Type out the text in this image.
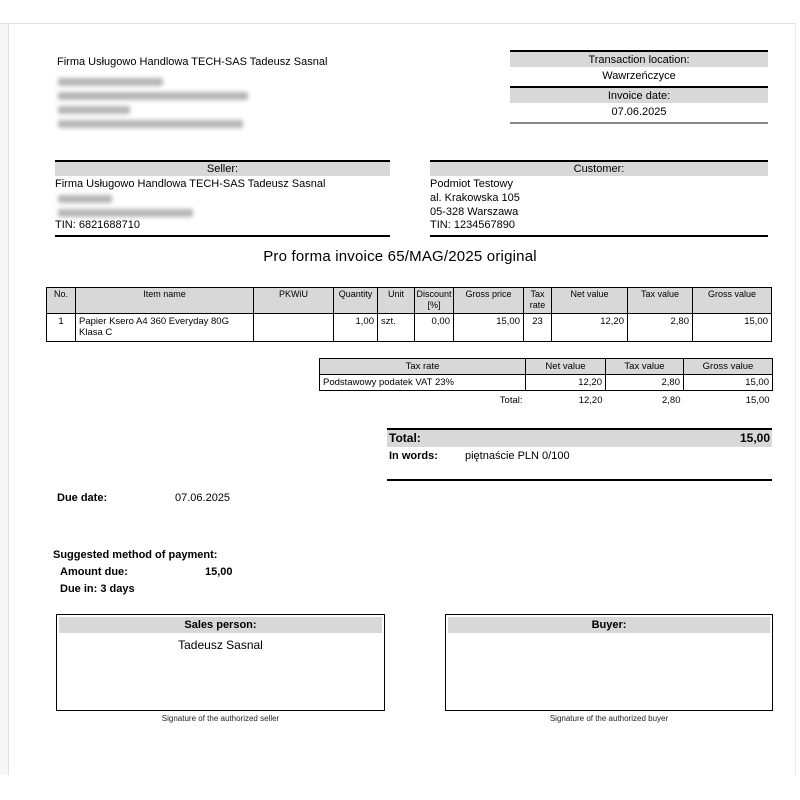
Firma Usługowo Handlowa TECH-SAS Tadeusz Sasnal	Transaction location:
Wawrzeńczyce
Invoice date:
07.06.2025
Seller:
Firma Usługowo Handlowa TECH-SAS Tadeusz Sasnal
TIN: 6821688710
Customer:
Podmiot Testowy
al. Krakowska 105
05-328 Warszawa
TIN: 1234567890
Pro forma invoice 65/MAG/2025 original
No.	Item name	PKWiU	Quantity	Unit	Discount [%]	Gross price	Tax rate	Net value	Tax value	Gross value
1	Papier Ksero A4 360 Everyday 80G Klasa C		1,00	szt.	0,00	15,00	23	12,20	2,80	15,00
Tax rate	Net value	Tax value	Gross value
Podstawowy podatek VAT 23%	12,20	2,80	15,00
Total:	12,20	2,80	15,00
Total:	15,00
In words:	piętnaście PLN 0/100
Due date:	07.06.2025
Suggested method of payment:
Amount due:	15,00
Due in: 3 days
Sales person:
Tadeusz Sasnal
Signature of the authorized seller
Buyer:
Signature of the authorized buyer
